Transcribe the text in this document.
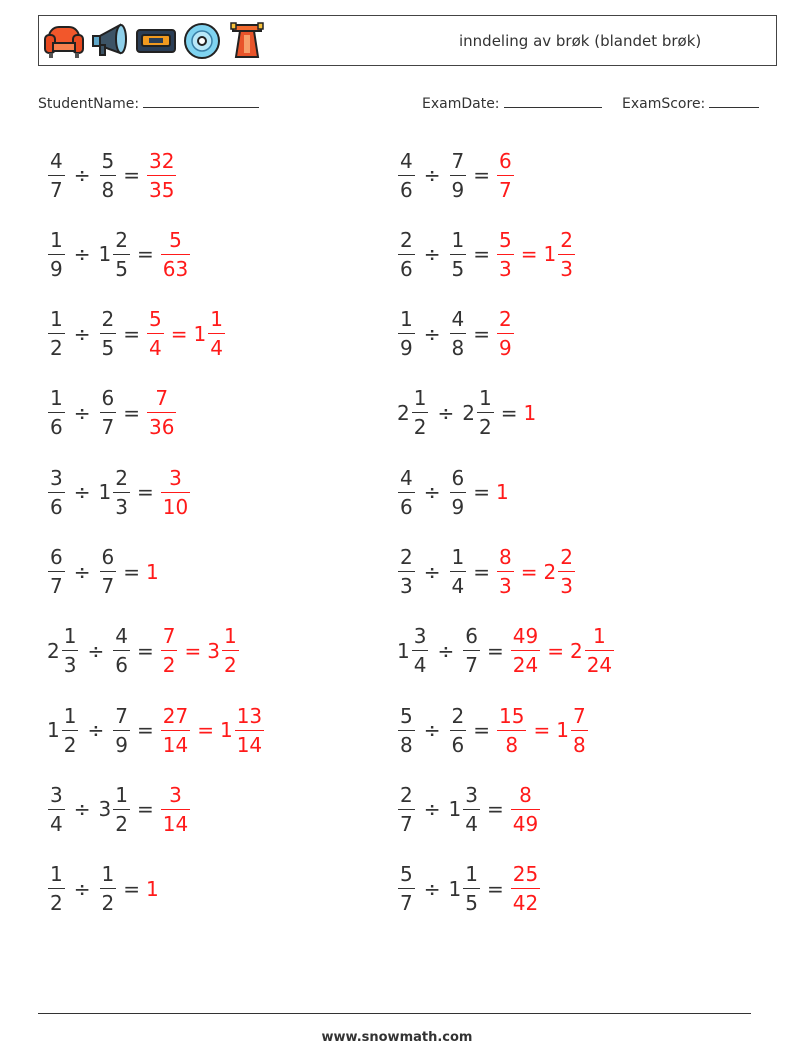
inndeling av brøk (blandet brøk)
StudentName:	ExamDate:	ExamScore:
$\frac{4}{7} \div \frac{5}{8} = \frac{32}{35}$	$\frac{4}{6} \div \frac{7}{9} = \frac{6}{7}$
$\frac{1}{9} \div 1 \frac{2}{5} = \frac{5}{63}$	$\frac{2}{6} \div \frac{1}{5} = \frac{5}{3} = 1 \frac{2}{3}$
$\frac{1}{2} \div \frac{2}{5} = \frac{5}{4} = 1 \frac{1}{4}$	$\frac{1}{9} \div \frac{4}{8} = \frac{2}{9}$
$\frac{1}{6} \div \frac{6}{7} = \frac{7}{36}$	$2 \frac{1}{2} \div 2 \frac{1}{2} = 1$
$\frac{3}{6} \div 1 \frac{2}{3} = \frac{3}{10}$	$\frac{4}{6} \div \frac{6}{9} = 1$
$\frac{6}{7} \div \frac{6}{7} = 1$	$\frac{2}{3} \div \frac{1}{4} = \frac{8}{3} = 2 \frac{2}{3}$
$2 \frac{1}{3} \div \frac{4}{6} = \frac{7}{2} = 3 \frac{1}{2}$	$1 \frac{3}{4} \div \frac{6}{7} = \frac{49}{24} = 2 \frac{1}{24}$
$1 \frac{1}{2} \div \frac{7}{9} = \frac{27}{14} = 1 \frac{13}{14}$	$\frac{5}{8} \div \frac{2}{6} = \frac{15}{8} = 1 \frac{7}{8}$
$\frac{3}{4} \div 3 \frac{1}{2} = \frac{3}{14}$	$\frac{2}{7} \div 1 \frac{3}{4} = \frac{8}{49}$
$\frac{1}{2} \div \frac{1}{2} = 1$	$\frac{5}{7} \div 1 \frac{1}{5} = \frac{25}{42}$
www.snowmath.com
